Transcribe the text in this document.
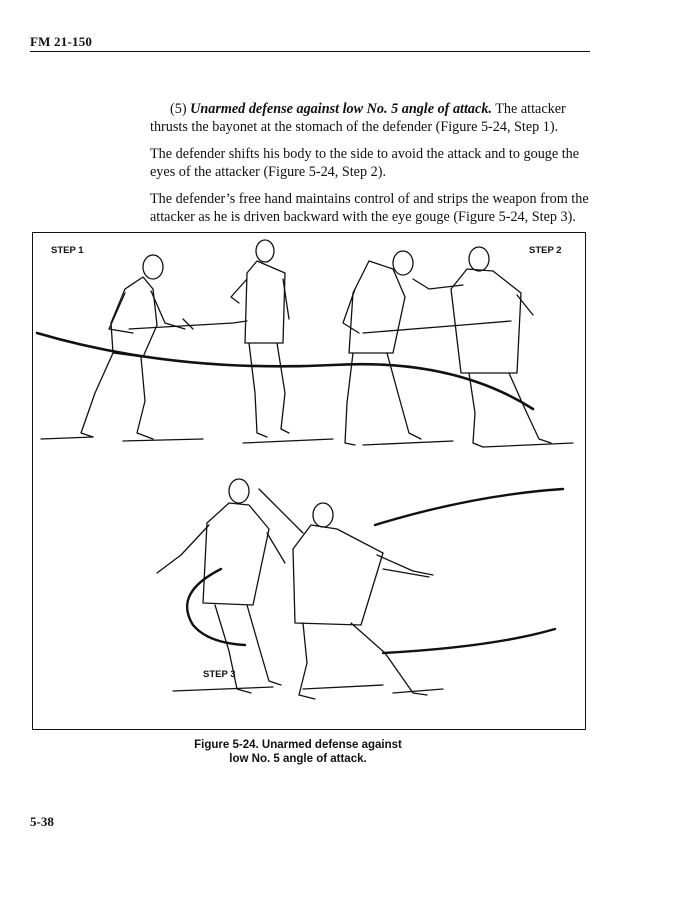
FM 21-150

(5) Unarmed defense against low No. 5 angle of attack. The attacker thrusts the bayonet at the stomach of the defender (Figure 5-24, Step 1).

The defender shifts his body to the side to avoid the attack and to gouge the eyes of the attacker (Figure 5-24, Step 2).

The defender’s free hand maintains control of and strips the weapon from the attacker as he is driven backward with the eye gouge (Figure 5-24, Step 3).

STEP 1	STEP 2
STEP 3
Figure 5-24. Unarmed defense against
low No. 5 angle of attack.
5-38
